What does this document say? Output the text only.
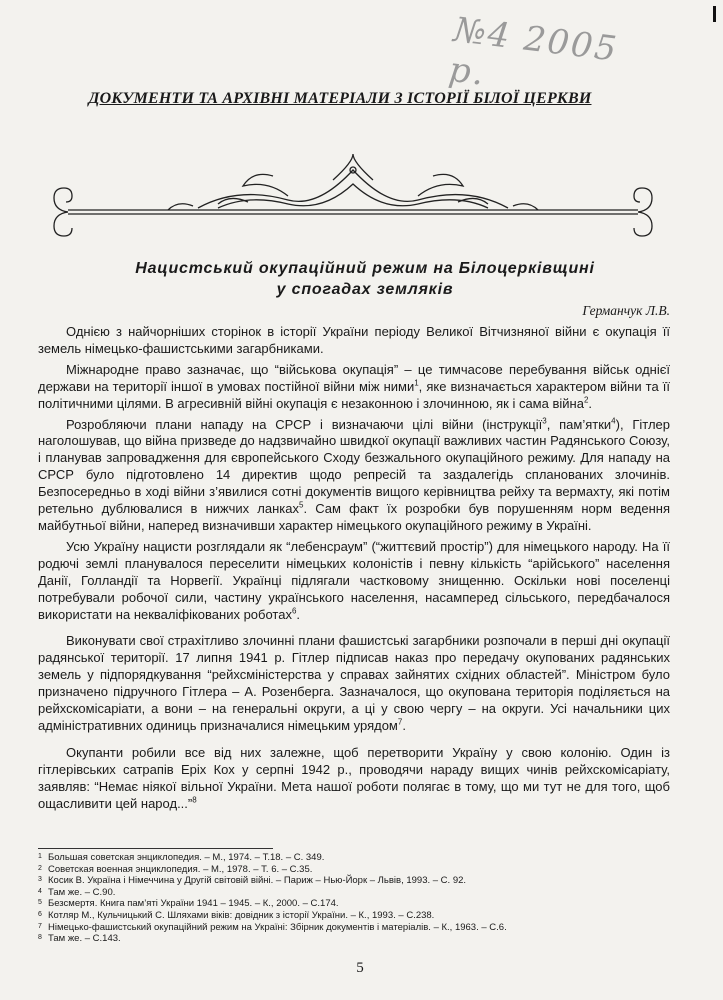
№4 2005 р.
ДОКУМЕНТИ ТА АРХІВНІ МАТЕРІАЛИ З ІСТОРІЇ БІЛОЇ ЦЕРКВИ
Нацистський окупаційний режим на Білоцерківщині
у спогадах земляків
Германчук Л.В.

Однією з найчорніших сторінок в історії України періоду Великої Вітчизняної війни є окупація її земель німецько-фашистськими загарбниками.

Міжнародне право зазначає, що “військова окупація” – це тимчасове перебування військ однієї держави на території іншої в умовах постійної війни між ними$^1$, яке визначається характером війни та її політичними цілями. В агресивній війні окупація є незаконною і злочинною, як і сама війна$^2$.

Розробляючи плани нападу на СРСР і визначаючи цілі війни (інструкції$^3$, пам’ятки$^4$), Гітлер наголошував, що війна призведе до надзвичайно швидкої окупації важливих частин Радянського Союзу, і планував запровадження для європейського Сходу безжального окупаційного режиму. Для нападу на СРСР було підготовлено 14 директив щодо репресій та заздалегідь спланованих злочинів. Безпосередньо в ході війни з’явилися сотні документів вищого керівництва рейху та вермахту, які потім ретельно дублювалися в нижчих ланках$^5$. Сам факт їх розробки був порушенням норм ведення майбутньої війни, наперед визначивши характер німецького окупаційного режиму в Україні.

Усю Україну нацисти розглядали як “лебенсраум” (“життєвий простір”) для німецького народу. На її родючі землі планувалося переселити німецьких колоністів і певну кількість “арійського” населення Данії, Голландії та Норвегії. Українці підлягали частковому знищенню. Оскільки нові поселенці потребували робочої сили, частину українського населення, насамперед сільського, передбачалося використати на некваліфікованих роботах$^6$.

Виконувати свої страхітливо злочинні плани фашистські загарбники розпочали в перші дні окупації радянської території. 17 липня 1941 р. Гітлер підписав наказ про передачу окупованих радянських земель у підпорядкування “рейхсміністерства у справах зайнятих східних областей”. Міністром було призначено підручного Гітлера – А. Розенберга. Зазначалося, що окупована територія поділяється на рейхскомісаріати, а вони – на генеральні округи, а ці у свою чергу – на округи. Усі начальники цих адміністративних одиниць призначалися німецьким урядом$^7$.

Окупанти робили все від них залежне, щоб перетворити Україну у свою колонію. Один із гітлерівських сатрапів Еріх Кох у серпні 1942 р., проводячи нараду вищих чинів рейхскомісаріату, заявляв: “Немає ніякої вільної України. Мета нашої роботи полягає в тому, що ми тут не для того, щоб ощасливити цей народ...”$^8$

1 Большая советская энциклопедия. – М., 1974. – Т.18. – С. 349.
2 Советская военная энциклопедия. – М., 1978. – Т. 6. – С.35.
3 Косик В. Україна і Німеччина у Другій світовій війні. – Париж – Нью-Йорк – Львів, 1993. – С. 92.
4 Там же. – С.90.
5 Безсмертя. Книга пам’яті України 1941 – 1945. – К., 2000. – С.174.
6 Котляр М., Кульчицький С. Шляхами віків: довідник з історії України. – К., 1993. – С.238.
7 Німецько-фашистський окупаційний режим на Україні: Збірник документів і матеріалів. – К., 1963. – С.6.
8 Там же. – С.143.
5
